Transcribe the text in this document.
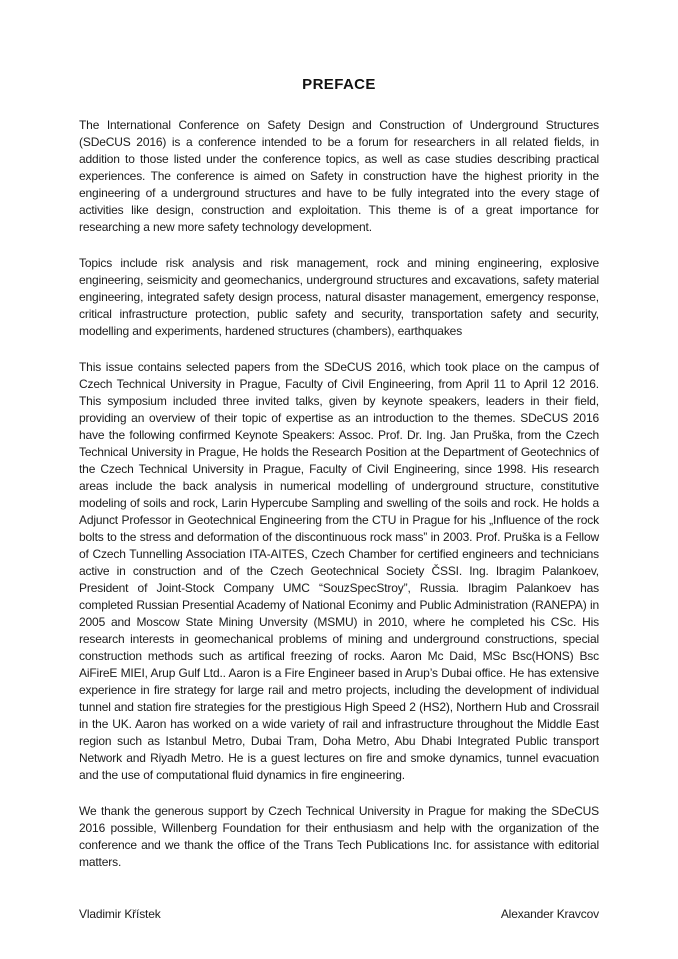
PREFACE

The International Conference on Safety Design and Construction of Underground Structures (SDeCUS 2016) is a conference intended to be a forum for researchers in all related fields, in addition to those listed under the conference topics, as well as case studies describing practical experiences. The conference is aimed on Safety in construction have the highest priority in the engineering of a underground structures and have to be fully integrated into the every stage of activities like design, construction and exploitation. This theme is of a great importance for researching a new more safety technology development.

Topics include risk analysis and risk management, rock and mining engineering, explosive engineering, seismicity and geomechanics, underground structures and excavations, safety material engineering, integrated safety design process, natural disaster management, emergency response, critical infrastructure protection, public safety and security, transportation safety and security, modelling and experiments, hardened structures (chambers), earthquakes

This issue contains selected papers from the SDeCUS 2016, which took place on the campus of Czech Technical University in Prague, Faculty of Civil Engineering, from April 11 to April 12 2016. This symposium included three invited talks, given by keynote speakers, leaders in their field, providing an overview of their topic of expertise as an introduction to the themes. SDeCUS 2016 have the following confirmed Keynote Speakers: Assoc. Prof. Dr. Ing. Jan Pruška, from the Czech Technical University in Prague, He holds the Research Position at the Department of Geotechnics of the Czech Technical University in Prague, Faculty of Civil Engineering, since 1998. His research areas include the back analysis in numerical modelling of underground structure, constitutive modeling of soils and rock, Larin Hypercube Sampling and swelling of the soils and rock. He holds a Adjunct Professor in Geotechnical Engineering from the CTU in Prague for his „Influence of the rock bolts to the stress and deformation of the discontinuous rock mass” in 2003. Prof. Pruška is a Fellow of Czech Tunnelling Association ITA-AITES, Czech Chamber for certified engineers and technicians active in construction and of the Czech Geotechnical Society ČSSI. Ing. Ibragim Palankoev, President of Joint-Stock Company UMC “SouzSpecStroy”, Russia. Ibragim Palankoev has completed Russian Presential Academy of National Econimy and Public Administration (RANEPA) in 2005 and Moscow State Mining Unversity (MSMU) in 2010, where he completed his CSc. His research interests in geomechanical problems of mining and underground constructions, special construction methods such as artifical freezing of rocks. Aaron Mc Daid, MSc Bsc(HONS) Bsc AiFireE MIEI, Arup Gulf Ltd.. Aaron is a Fire Engineer based in Arup’s Dubai office. He has extensive experience in fire strategy for large rail and metro projects, including the development of individual tunnel and station fire strategies for the prestigious High Speed 2 (HS2), Northern Hub and Crossrail in the UK. Aaron has worked on a wide variety of rail and infrastructure throughout the Middle East region such as Istanbul Metro, Dubai Tram, Doha Metro, Abu Dhabi Integrated Public transport Network and Riyadh Metro. He is a guest lectures on fire and smoke dynamics, tunnel evacuation and the use of computational fluid dynamics in fire engineering.

We thank the generous support by Czech Technical University in Prague for making the SDeCUS 2016 possible, Willenberg Foundation for their enthusiasm and help with the organization of the conference and we thank the office of the Trans Tech Publications Inc. for assistance with editorial matters.

Vladimir Křístek	Alexander Kravcov
